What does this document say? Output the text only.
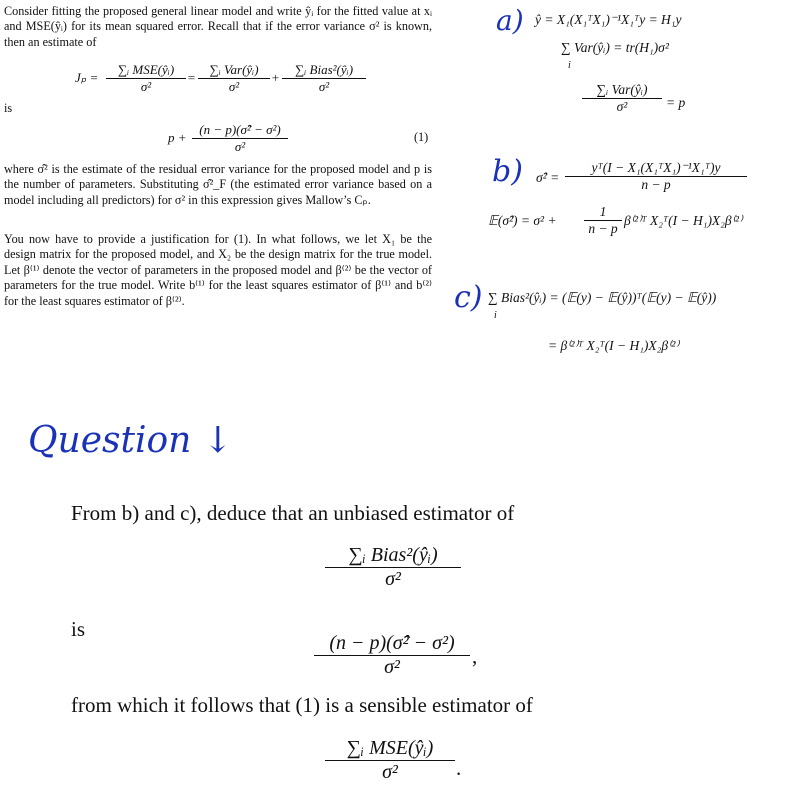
Consider fitting the proposed general linear model and write ŷᵢ for the fitted value at xᵢ and MSE(ŷᵢ) for its mean squared error. Recall that if the error variance σ² is known, then an estimate of
Jₚ =
∑ᵢ MSE(ŷᵢ)
σ²
=
∑ᵢ Var(ŷᵢ)
σ²
+
∑ᵢ Bias²(ŷᵢ)
σ²
is
$p + \frac{\text{(n − p)(σ̂² − σ²)}}{\text{σ²}}$	(1)
where σ̂² is the estimate of the residual error variance for the proposed model and p is the number of parameters. Substituting σ̂²_F (the estimated error variance based on a model including all predictors) for σ² in this expression gives Mallow’s Cₚ.
You now have to provide a justification for (1). In what follows, we let X₁ be the design matrix for the proposed model, and X₂ be the design matrix for the true model. Let β⁽¹⁾ denote the vector of parameters in the proposed model and β⁽²⁾ be the vector of parameters for the true model. Write b⁽¹⁾ for the least squares estimator of β⁽¹⁾ and b⁽²⁾ for the least squares estimator of β⁽²⁾.
a) ŷ = X₁(X₁ᵀX₁)⁻¹X₁ᵀy = H₁y
∑ Var(ŷᵢ) = tr(H₁)σ²
i
∑ᵢ Var(ŷᵢ)
σ²	= p
b) σ̂² =
yᵀ(I − X₁(X₁ᵀX₁)⁻¹X₁ᵀ)y
n − p
𝔼(σ̂²) = σ² +
1
n − p
β⁽²⁾ᵀ X₂ᵀ(I − H₁)X₂β⁽²⁾
c) ∑ Bias²(ŷᵢ) = (𝔼(y) − 𝔼(ŷ))ᵀ(𝔼(y) − 𝔼(ŷ))
i
= β⁽²⁾ᵀ X₂ᵀ(I − H₁)X₂β⁽²⁾
Question ↓
From b) and c), deduce that an unbiased estimator of
∑ᵢ Bias²(ŷᵢ)
σ²
is
$\frac{\text{(n − p)(σ̂² − σ²)}}{\text{σ²}}$ ,
from which it follows that (1) is a sensible estimator of
∑ᵢ MSE(ŷᵢ)
σ²	.
